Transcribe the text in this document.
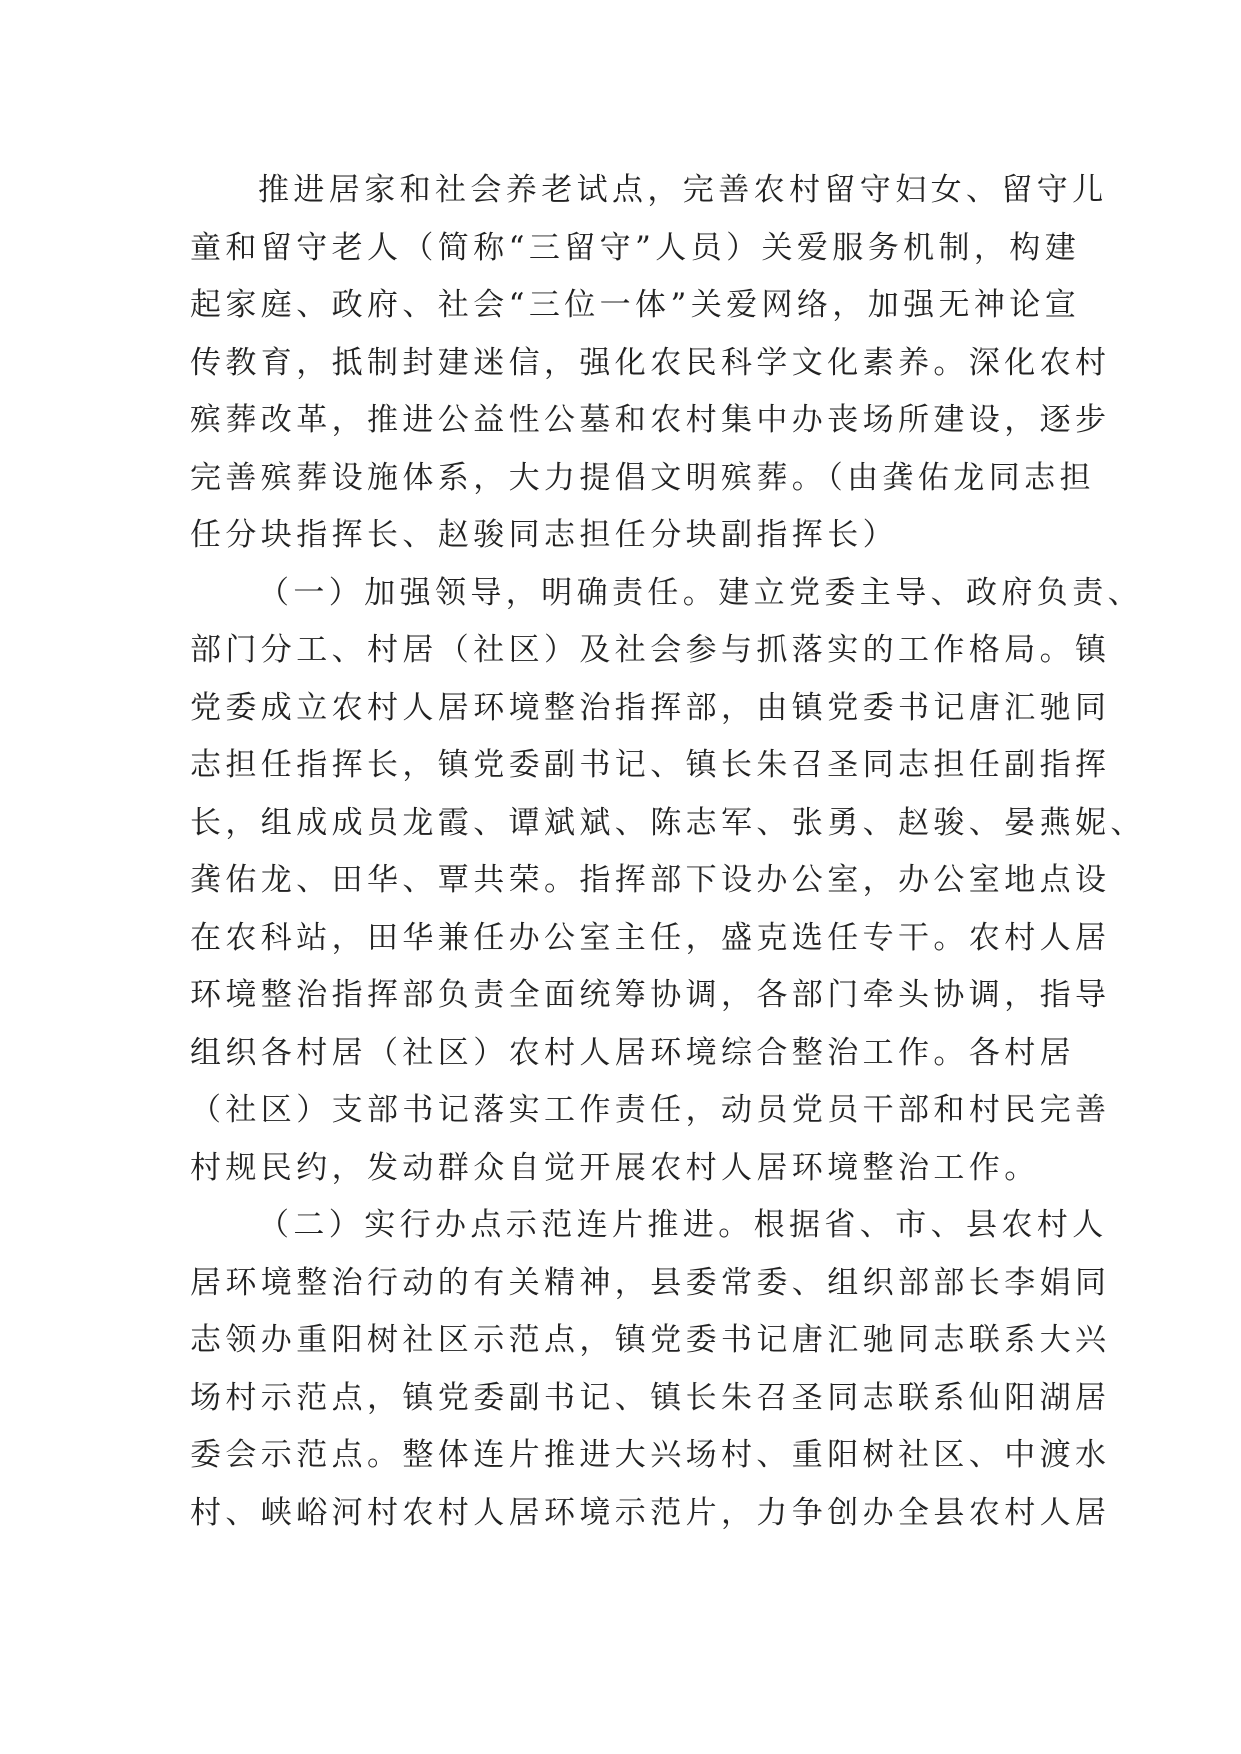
推进居家和社会养老试点，完善农村留守妇女、留守儿
童和留守老人（简称“三留守”人员）关爱服务机制，构建
起家庭、政府、社会“三位一体”关爱网络，加强无神论宣
传教育，抵制封建迷信，强化农民科学文化素养。深化农村
殡葬改革，推进公益性公墓和农村集中办丧场所建设，逐步
完善殡葬设施体系，大力提倡文明殡葬。（由龚佑龙同志担
任分块指挥长、赵骏同志担任分块副指挥长）
（一）加强领导，明确责任。建立党委主导、政府负责、
部门分工、村居（社区）及社会参与抓落实的工作格局。镇
党委成立农村人居环境整治指挥部，由镇党委书记唐汇驰同
志担任指挥长，镇党委副书记、镇长朱召圣同志担任副指挥
长，组成成员龙霞、谭斌斌、陈志军、张勇、赵骏、晏燕妮、
龚佑龙、田华、覃共荣。指挥部下设办公室，办公室地点设
在农科站，田华兼任办公室主任，盛克选任专干。农村人居
环境整治指挥部负责全面统筹协调，各部门牵头协调，指导
组织各村居（社区）农村人居环境综合整治工作。各村居
（社区）支部书记落实工作责任，动员党员干部和村民完善
村规民约，发动群众自觉开展农村人居环境整治工作。
（二）实行办点示范连片推进。根据省、市、县农村人
居环境整治行动的有关精神，县委常委、组织部部长李娟同
志领办重阳树社区示范点，镇党委书记唐汇驰同志联系大兴
场村示范点，镇党委副书记、镇长朱召圣同志联系仙阳湖居
委会示范点。整体连片推进大兴场村、重阳树社区、中渡水
村、峡峪河村农村人居环境示范片，力争创办全县农村人居
